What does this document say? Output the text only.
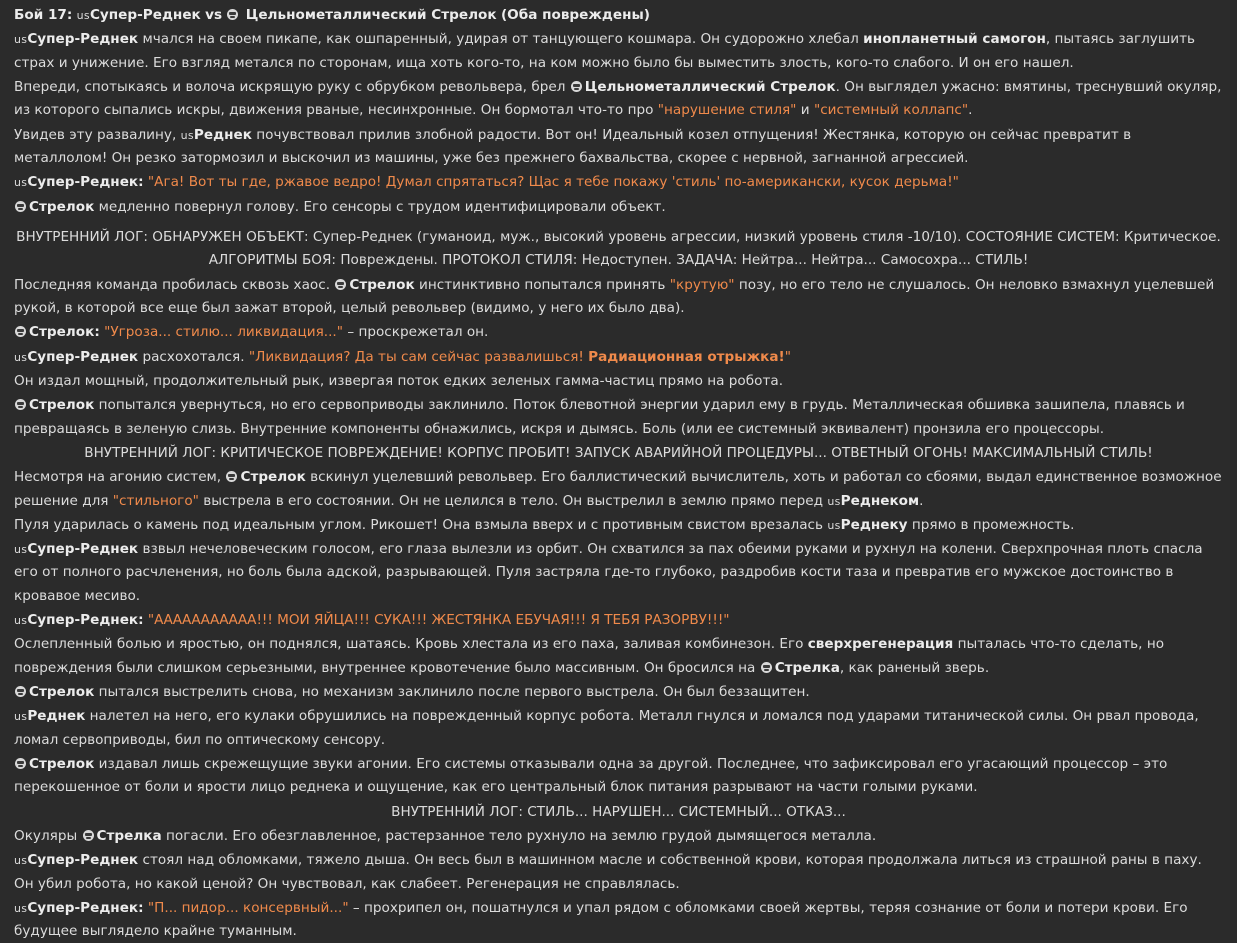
Бой 17: usСупер-Реднек vs Цельнометаллический Стрелок (Оба повреждены)
usСупер-Реднек мчался на своем пикапе, как ошпаренный, удирая от танцующего кошмара. Он судорожно хлебал инопланетный самогон, пытаясь заглушить страх и унижение. Его взгляд метался по сторонам, ища хоть кого-то, на ком можно было бы выместить злость, кого-то слабого. И он его нашел.
Впереди, спотыкаясь и волоча искрящую руку с обрубком револьвера, брел Цельнометаллический Стрелок. Он выглядел ужасно: вмятины, треснувший окуляр, из которого сыпались искры, движения рваные, несинхронные. Он бормотал что-то про "нарушение стиля" и "системный коллапс".
Увидев эту развалину, usРеднек почувствовал прилив злобной радости. Вот он! Идеальный козел отпущения! Жестянка, которую он сейчас превратит в металлолом! Он резко затормозил и выскочил из машины, уже без прежнего бахвальства, скорее с нервной, загнанной агрессией.
usСупер-Реднек: "Ага! Вот ты где, ржавое ведро! Думал спрятаться? Щас я тебе покажу 'стиль' по-американски, кусок дерьма!"
Стрелок медленно повернул голову. Его сенсоры с трудом идентифицировали объект.
ВНУТРЕННИЙ ЛОГ: ОБНАРУЖЕН ОБЪЕКТ: Супер-Реднек (гуманоид, муж., высокий уровень агрессии, низкий уровень стиля -10/10). СОСТОЯНИЕ СИСТЕМ: Критическое.
АЛГОРИТМЫ БОЯ: Повреждены. ПРОТОКОЛ СТИЛЯ: Недоступен. ЗАДАЧА: Нейтра... Нейтра... Самосохра... СТИЛЬ!
Последняя команда пробилась сквозь хаос. Стрелок инстинктивно попытался принять "крутую" позу, но его тело не слушалось. Он неловко взмахнул уцелевшей рукой, в которой все еще был зажат второй, целый револьвер (видимо, у него их было два).
Стрелок: "Угроза... стилю... ликвидация..." – проскрежетал он.
usСупер-Реднек расхохотался. "Ликвидация? Да ты сам сейчас развалишься! Радиационная отрыжка!"
Он издал мощный, продолжительный рык, извергая поток едких зеленых гамма-частиц прямо на робота.
Стрелок попытался увернуться, но его сервоприводы заклинило. Поток блевотной энергии ударил ему в грудь. Металлическая обшивка зашипела, плавясь и превращаясь в зеленую слизь. Внутренние компоненты обнажились, искря и дымясь. Боль (или ее системный эквивалент) пронзила его процессоры.
ВНУТРЕННИЙ ЛОГ: КРИТИЧЕСКОЕ ПОВРЕЖДЕНИЕ! КОРПУС ПРОБИТ! ЗАПУСК АВАРИЙНОЙ ПРОЦЕДУРЫ... ОТВЕТНЫЙ ОГОНЬ! МАКСИМАЛЬНЫЙ СТИЛЬ!
Несмотря на агонию систем, Стрелок вскинул уцелевший револьвер. Его баллистический вычислитель, хоть и работал со сбоями, выдал единственное возможное решение для "стильного" выстрела в его состоянии. Он не целился в тело. Он выстрелил в землю прямо перед usРеднеком.
Пуля ударилась о камень под идеальным углом. Рикошет! Она взмыла вверх и с противным свистом врезалась usРеднеку прямо в промежность.
usСупер-Реднек взвыл нечеловеческим голосом, его глаза вылезли из орбит. Он схватился за пах обеими руками и рухнул на колени. Сверхпрочная плоть спасла его от полного расчленения, но боль была адской, разрывающей. Пуля застряла где-то глубоко, раздробив кости таза и превратив его мужское достоинство в кровавое месиво.
usСупер-Реднек: "ААААААААААА!!! МОИ ЯЙЦА!!! СУКА!!! ЖЕСТЯНКА ЕБУЧАЯ!!! Я ТЕБЯ РАЗОРВУ!!!"
Ослепленный болью и яростью, он поднялся, шатаясь. Кровь хлестала из его паха, заливая комбинезон. Его сверхрегенерация пыталась что-то сделать, но повреждения были слишком серьезными, внутреннее кровотечение было массивным. Он бросился на Стрелка, как раненый зверь.
Стрелок пытался выстрелить снова, но механизм заклинило после первого выстрела. Он был беззащитен.
usРеднек налетел на него, его кулаки обрушились на поврежденный корпус робота. Металл гнулся и ломался под ударами титанической силы. Он рвал провода, ломал сервоприводы, бил по оптическому сенсору.
Стрелок издавал лишь скрежещущие звуки агонии. Его системы отказывали одна за другой. Последнее, что зафиксировал его угасающий процессор – это перекошенное от боли и ярости лицо реднека и ощущение, как его центральный блок питания разрывают на части голыми руками.
ВНУТРЕННИЙ ЛОГ: СТИЛЬ... НАРУШЕН... СИСТЕМНЫЙ... ОТКАЗ...
Окуляры Стрелка погасли. Его обезглавленное, растерзанное тело рухнуло на землю грудой дымящегося металла.
usСупер-Реднек стоял над обломками, тяжело дыша. Он весь был в машинном масле и собственной крови, которая продолжала литься из страшной раны в паху. Он убил робота, но какой ценой? Он чувствовал, как слабеет. Регенерация не справлялась.
usСупер-Реднек: "П... пидор... консервный..." – прохрипел он, пошатнулся и упал рядом с обломками своей жертвы, теряя сознание от боли и потери крови. Его будущее выглядело крайне туманным.
